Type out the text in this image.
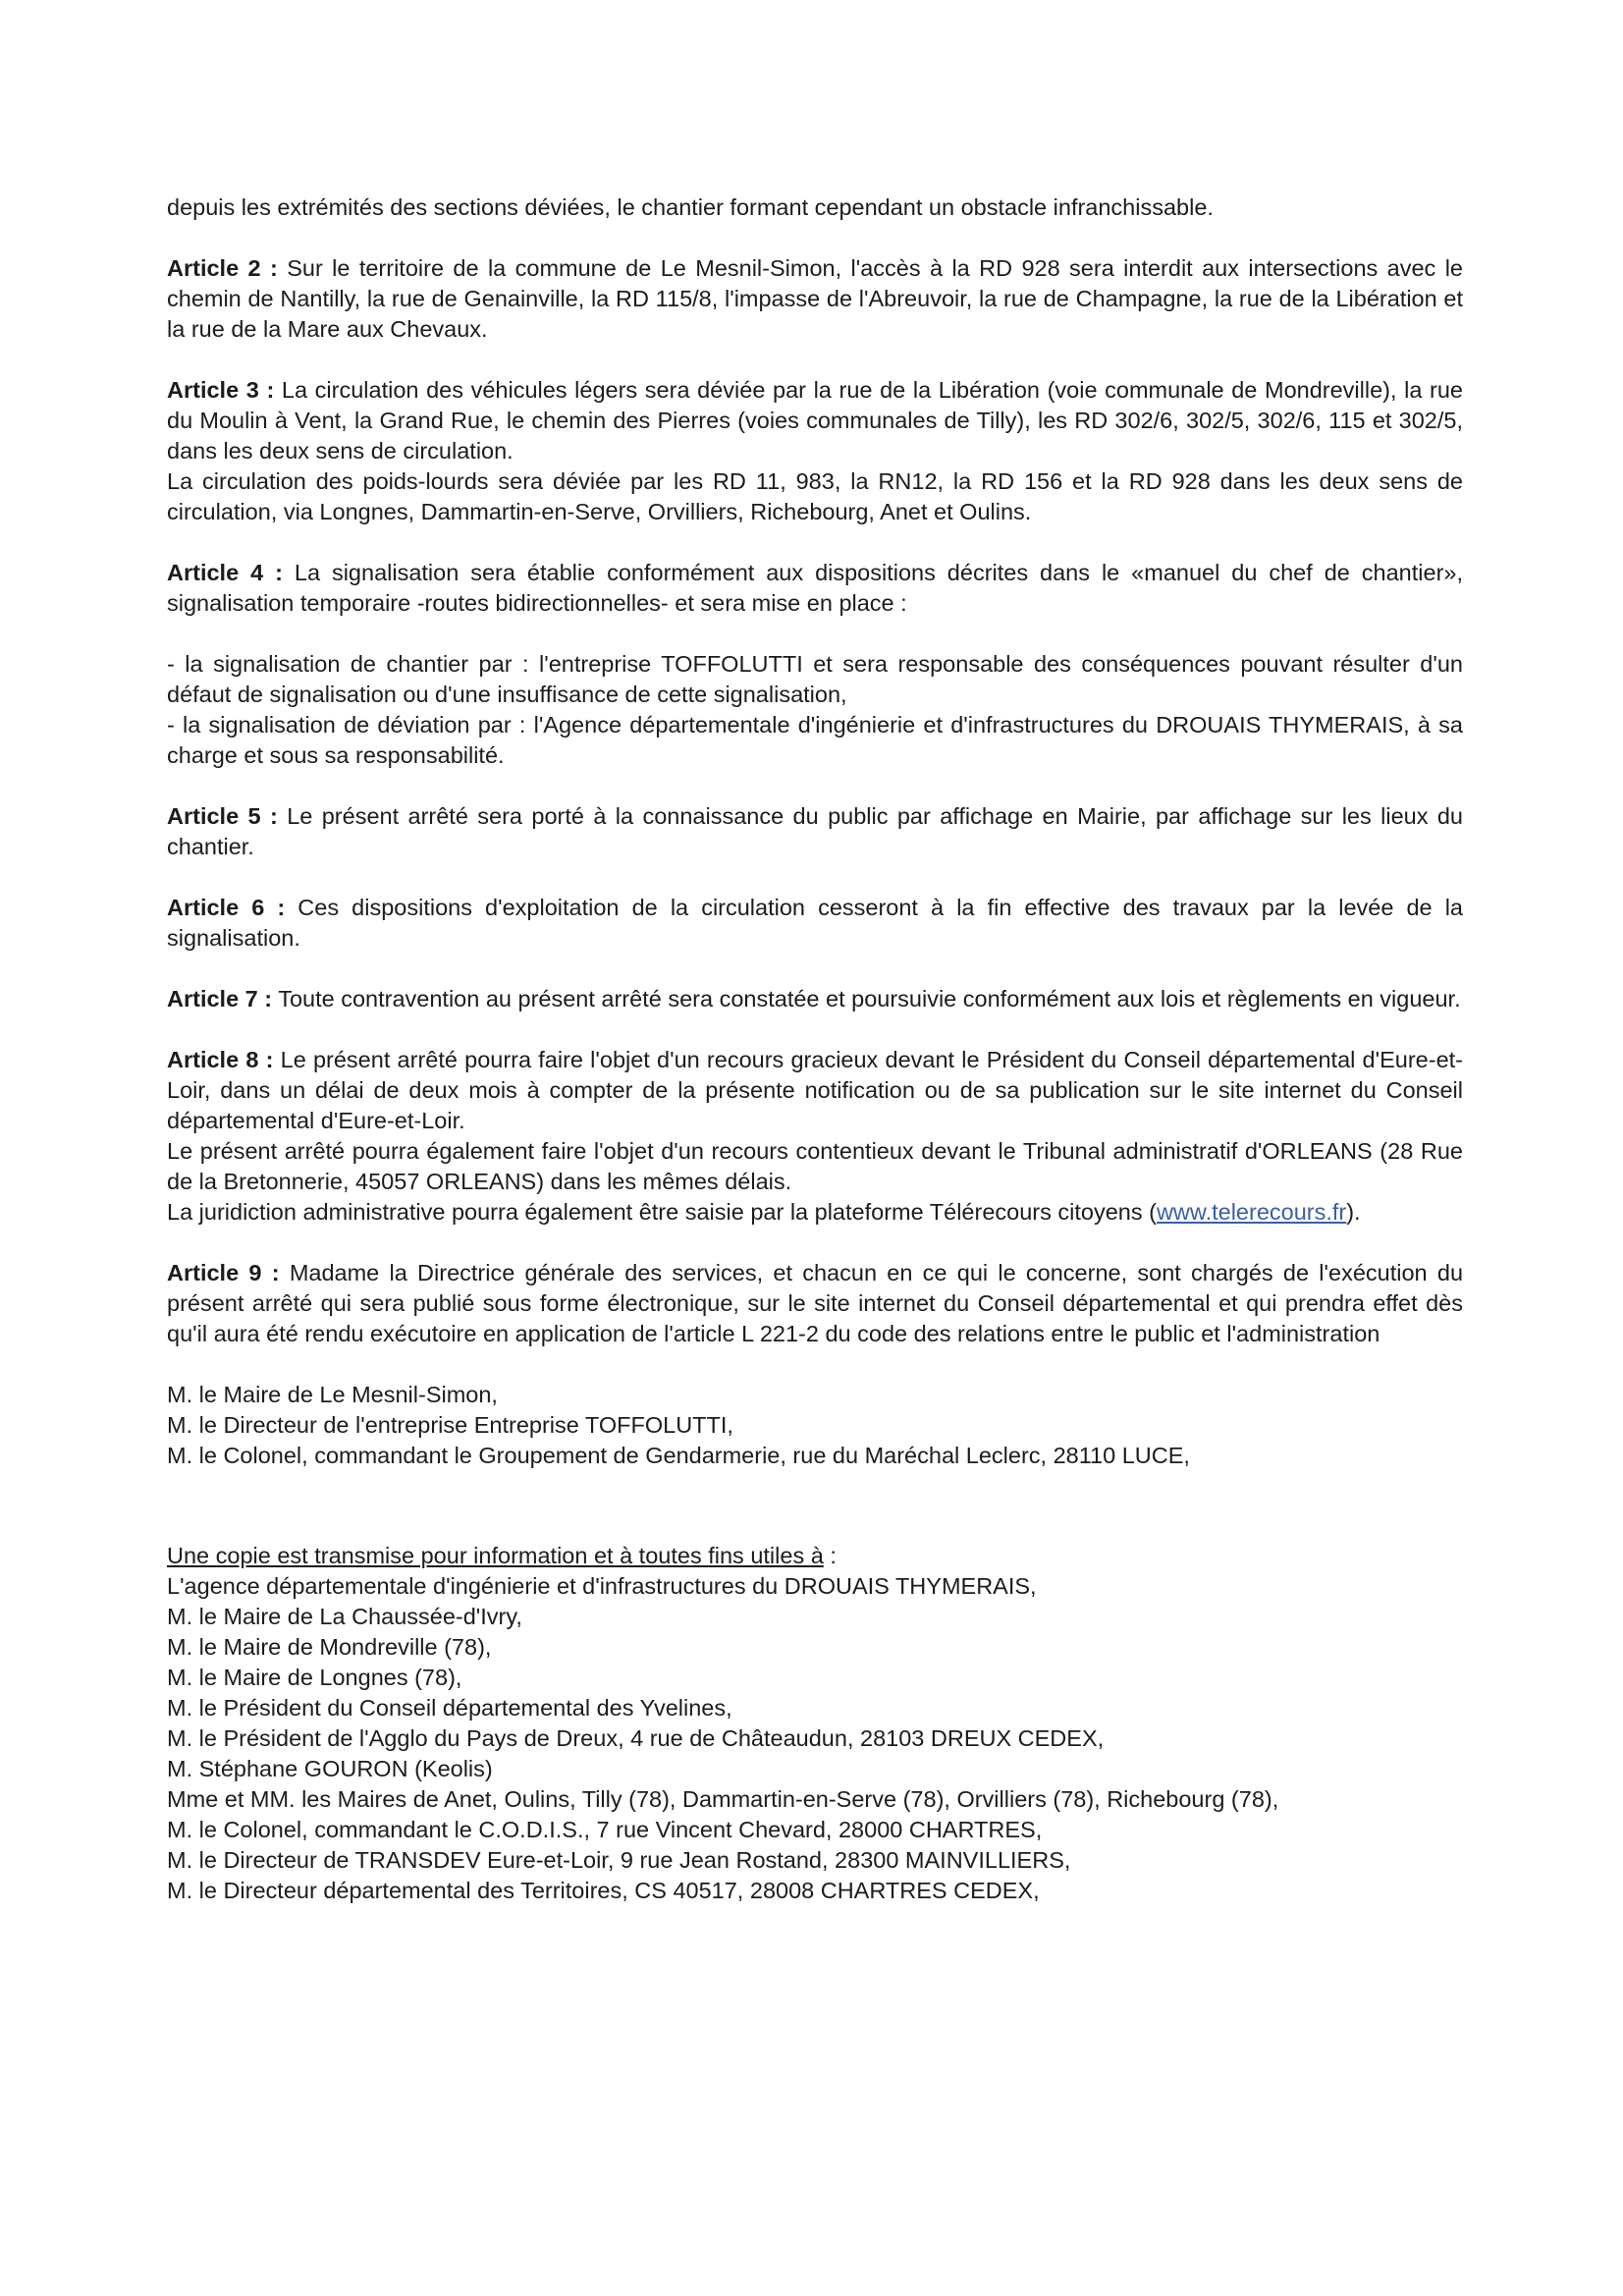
depuis les extrémités des sections déviées, le chantier formant cependant un obstacle infranchissable.

Article 2 : Sur le territoire de la commune de Le Mesnil-Simon, l'accès à la RD 928 sera interdit aux intersections avec le chemin de Nantilly, la rue de Genainville, la RD 115/8, l'impasse de l'Abreuvoir, la rue de Champagne, la rue de la Libération et la rue de la Mare aux Chevaux.

Article 3 : La circulation des véhicules légers sera déviée par la rue de la Libération (voie communale de Mondreville), la rue du Moulin à Vent, la Grand Rue, le chemin des Pierres (voies communales de Tilly), les RD 302/6, 302/5, 302/6, 115 et 302/5, dans les deux sens de circulation.
La circulation des poids-lourds sera déviée par les RD 11, 983, la RN12, la RD 156 et la RD 928 dans les deux sens de circulation, via Longnes, Dammartin-en-Serve, Orvilliers, Richebourg, Anet et Oulins.

Article 4 : La signalisation sera établie conformément aux dispositions décrites dans le «manuel du chef de chantier», signalisation temporaire -routes bidirectionnelles- et sera mise en place :

- la signalisation de chantier par : l'entreprise TOFFOLUTTI et sera responsable des conséquences pouvant résulter d'un défaut de signalisation ou d'une insuffisance de cette signalisation,
- la signalisation de déviation par : l'Agence départementale d'ingénierie et d'infrastructures du DROUAIS THYMERAIS, à sa charge et sous sa responsabilité.

Article 5 : Le présent arrêté sera porté à la connaissance du public par affichage en Mairie, par affichage sur les lieux du chantier.

Article 6 : Ces dispositions d'exploitation de la circulation cesseront à la fin effective des travaux par la levée de la signalisation.

Article 7 : Toute contravention au présent arrêté sera constatée et poursuivie conformément aux lois et règlements en vigueur.

Article 8 : Le présent arrêté pourra faire l'objet d'un recours gracieux devant le Président du Conseil départemental d'Eure-et-Loir, dans un délai de deux mois à compter de la présente notification ou de sa publication sur le site internet du Conseil départemental d'Eure-et-Loir.
Le présent arrêté pourra également faire l'objet d'un recours contentieux devant le Tribunal administratif d'ORLEANS (28 Rue de la Bretonnerie, 45057 ORLEANS) dans les mêmes délais.
La juridiction administrative pourra également être saisie par la plateforme Télérecours citoyens (www.telerecours.fr).

Article 9 : Madame la Directrice générale des services, et chacun en ce qui le concerne, sont chargés de l'exécution du présent arrêté qui sera publié sous forme électronique, sur le site internet du Conseil départemental et qui prendra effet dès qu'il aura été rendu exécutoire en application de l'article L 221-2 du code des relations entre le public et l'administration

M. le Maire de Le Mesnil-Simon,
M. le Directeur de l'entreprise Entreprise TOFFOLUTTI,
M. le Colonel, commandant le Groupement de Gendarmerie, rue du Maréchal Leclerc, 28110 LUCE,
Une copie est transmise pour information et à toutes fins utiles à :
L'agence départementale d'ingénierie et d'infrastructures du DROUAIS THYMERAIS,
M. le Maire de La Chaussée-d'Ivry,
M. le Maire de Mondreville (78),
M. le Maire de Longnes (78),
M. le Président du Conseil départemental des Yvelines,
M. le Président de l'Agglo du Pays de Dreux, 4 rue de Châteaudun, 28103 DREUX CEDEX,
M. Stéphane GOURON (Keolis)
Mme et MM. les Maires de Anet, Oulins, Tilly (78), Dammartin-en-Serve (78), Orvilliers (78), Richebourg (78),
M. le Colonel, commandant le C.O.D.I.S., 7 rue Vincent Chevard, 28000 CHARTRES,
M. le Directeur de TRANSDEV Eure-et-Loir, 9 rue Jean Rostand, 28300 MAINVILLIERS,
M. le Directeur départemental des Territoires, CS 40517, 28008 CHARTRES CEDEX,
